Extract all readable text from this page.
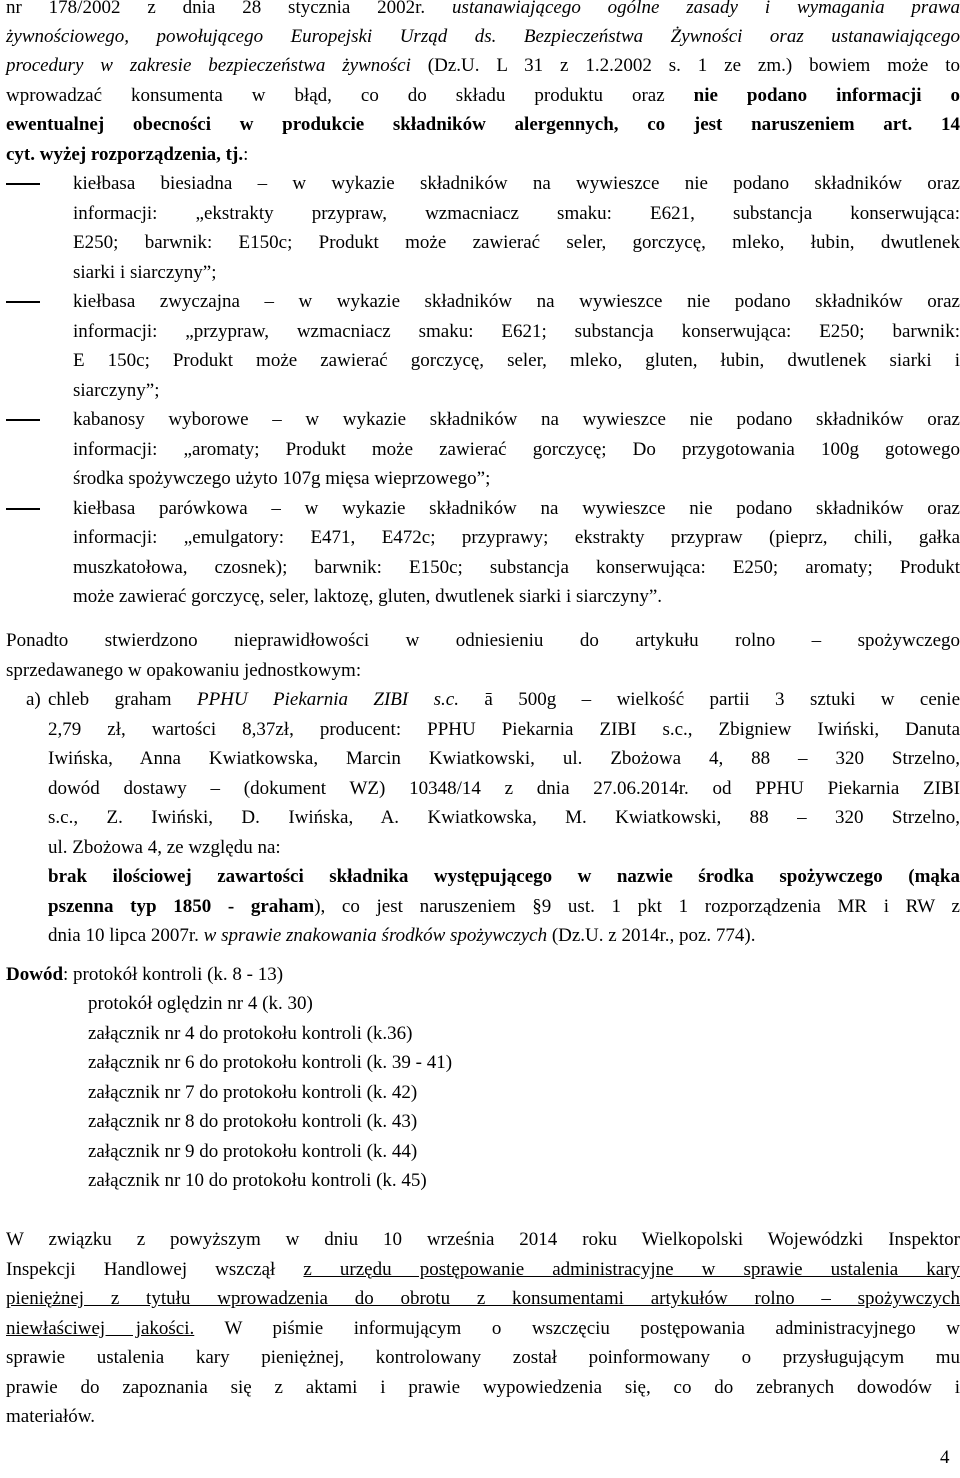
nr 178/2002 z dnia 28 stycznia 2002r. ustanawiającego ogólne zasady i wymagania prawa
żywnościowego, powołującego Europejski Urząd ds. Bezpieczeństwa Żywności oraz ustanawiającego
procedury w zakresie bezpieczeństwa żywności (Dz.U. L 31 z 1.2.2002 s. 1 ze zm.) bowiem może to
wprowadzać konsumenta w błąd, co do składu produktu oraz nie podano informacji o
ewentualnej obecności w produkcie składników alergennych, co jest naruszeniem art. 14
cyt. wyżej rozporządzenia, tj.:
kiełbasa biesiadna – w wykazie składników na wywieszce nie podano składników oraz
informacji: „ekstrakty przypraw, wzmacniacz smaku: E621, substancja konserwująca:
E250; barwnik: E150c; Produkt może zawierać seler, gorczycę, mleko, łubin, dwutlenek
siarki i siarczyny”;
kiełbasa zwyczajna – w wykazie składników na wywieszce nie podano składników oraz
informacji: „przypraw, wzmacniacz smaku: E621; substancja konserwująca: E250; barwnik:
E 150c; Produkt może zawierać gorczycę, seler, mleko, gluten, łubin, dwutlenek siarki i
siarczyny”;
kabanosy wyborowe – w wykazie składników na wywieszce nie podano składników oraz
informacji: „aromaty; Produkt może zawierać gorczycę; Do przygotowania 100g gotowego
środka spożywczego użyto 107g mięsa wieprzowego”;
kiełbasa parówkowa – w wykazie składników na wywieszce nie podano składników oraz
informacji: „emulgatory: E471, E472c; przyprawy; ekstrakty przypraw (pieprz, chili, gałka
muszkatołowa, czosnek); barwnik: E150c; substancja konserwująca: E250; aromaty; Produkt
może zawierać gorczycę, seler, laktozę, gluten, dwutlenek siarki i siarczyny”.
Ponadto stwierdzono nieprawidłowości w odniesieniu do artykułu rolno – spożywczego
sprzedawanego w opakowaniu jednostkowym:
a) chleb graham PPHU Piekarnia ZIBI s.c. ā 500g – wielkość partii 3 sztuki w cenie
2,79 zł, wartości 8,37zł, producent: PPHU Piekarnia ZIBI s.c., Zbigniew Iwiński, Danuta
Iwińska, Anna Kwiatkowska, Marcin Kwiatkowski, ul. Zbożowa 4, 88 – 320 Strzelno,
dowód dostawy – (dokument WZ) 10348/14 z dnia 27.06.2014r. od PPHU Piekarnia ZIBI
s.c., Z. Iwiński, D. Iwińska, A. Kwiatkowska, M. Kwiatkowski, 88 – 320 Strzelno,
ul. Zbożowa 4, ze względu na:
brak ilościowej zawartości składnika występującego w nazwie środka spożywczego (mąka
pszenna typ 1850 - graham), co jest naruszeniem §9 ust. 1 pkt 1 rozporządzenia MR i RW z
dnia 10 lipca 2007r. w sprawie znakowania środków spożywczych (Dz.U. z 2014r., poz. 774).
Dowód: protokół kontroli (k. 8 - 13)
protokół oględzin nr 4 (k. 30)
załącznik nr 4 do protokołu kontroli (k.36)
załącznik nr 6 do protokołu kontroli (k. 39 - 41)
załącznik nr 7 do protokołu kontroli (k. 42)
załącznik nr 8 do protokołu kontroli (k. 43)
załącznik nr 9 do protokołu kontroli (k. 44)
załącznik nr 10 do protokołu kontroli (k. 45)
W związku z powyższym w dniu 10 września 2014 roku Wielkopolski Wojewódzki Inspektor
Inspekcji Handlowej wszczął z urzędu postępowanie administracyjne w sprawie ustalenia kary
pieniężnej z tytułu wprowadzenia do obrotu z konsumentami artykułów rolno – spożywczych
niewłaściwej jakości. W piśmie informującym o wszczęciu postępowania administracyjnego w
sprawie ustalenia kary pieniężnej, kontrolowany został poinformowany o przysługującym mu
prawie do zapoznania się z aktami i prawie wypowiedzenia się, co do zebranych dowodów i
materiałów.
4
